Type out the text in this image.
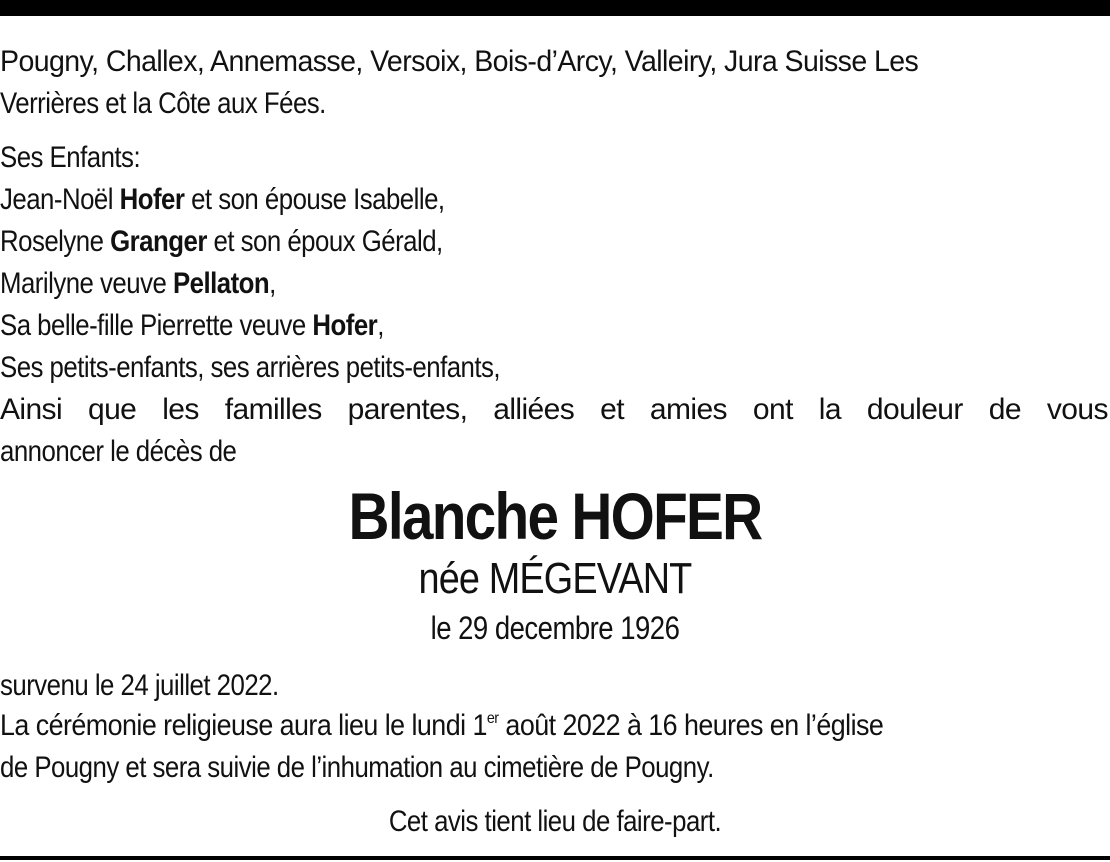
Pougny, Challex, Annemasse, Versoix, Bois-d’Arcy, Valleiry, Jura Suisse Les
Verrières et la Côte aux Fées.
Ses Enfants:
Jean-Noël Hofer et son épouse Isabelle,
Roselyne Granger et son époux Gérald,
Marilyne veuve Pellaton,
Sa belle-fille Pierrette veuve Hofer,
Ses petits-enfants, ses arrières petits-enfants,
Ainsi que les familles parentes, alliées et amies ont la douleur de vous
annoncer le décès de
Blanche HOFER
née MÉGEVANT
le 29 decembre 1926
survenu le 24 juillet 2022.
La cérémonie religieuse aura lieu le lundi 1er août 2022 à 16 heures en l’église
de Pougny et sera suivie de l’inhumation au cimetière de Pougny.
Cet avis tient lieu de faire-part.
